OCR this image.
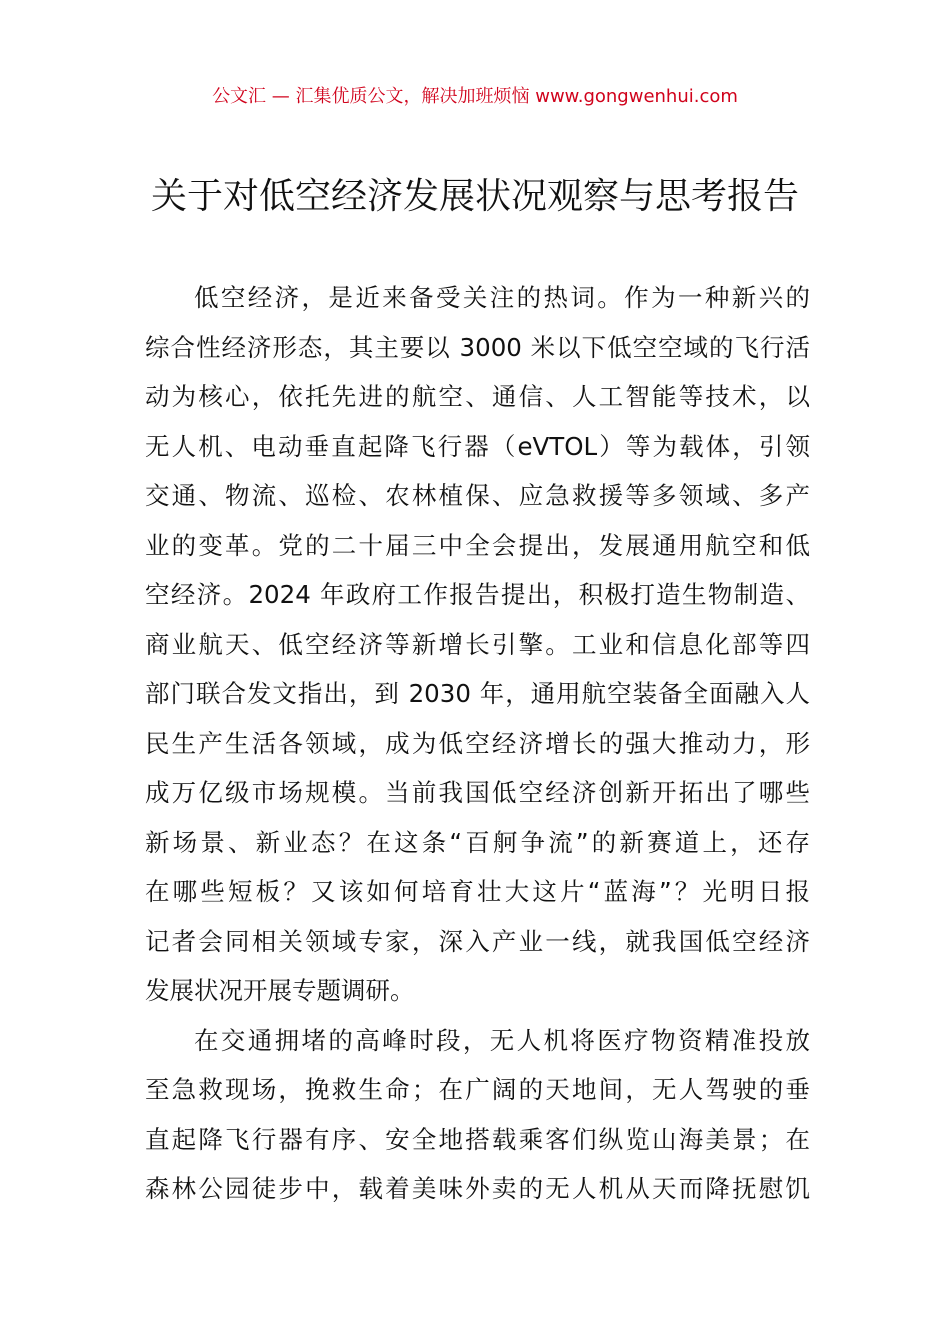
公文汇 — 汇集优质公文，解决加班烦恼 www.gongwenhui.com
关于对低空经济发展状况观察与思考报告
低空经济，是近来备受关注的热词。作为一种新兴的
综合性经济形态，其主要以 3000 米以下低空空域的飞行活
动为核心，依托先进的航空、通信、人工智能等技术，以
无人机、电动垂直起降飞行器（eVTOL）等为载体，引领
交通、物流、巡检、农林植保、应急救援等多领域、多产
业的变革。党的二十届三中全会提出，发展通用航空和低
空经济。2024 年政府工作报告提出，积极打造生物制造、
商业航天、低空经济等新增长引擎。工业和信息化部等四
部门联合发文指出，到 2030 年，通用航空装备全面融入人
民生产生活各领域，成为低空经济增长的强大推动力，形
成万亿级市场规模。当前我国低空经济创新开拓出了哪些
新场景、新业态？在这条“百舸争流”的新赛道上，还存
在哪些短板？又该如何培育壮大这片“蓝海”？光明日报
记者会同相关领域专家，深入产业一线，就我国低空经济
发展状况开展专题调研。
在交通拥堵的高峰时段，无人机将医疗物资精准投放
至急救现场，挽救生命；在广阔的天地间，无人驾驶的垂
直起降飞行器有序、安全地搭载乘客们纵览山海美景；在
森林公园徒步中，载着美味外卖的无人机从天而降抚慰饥
